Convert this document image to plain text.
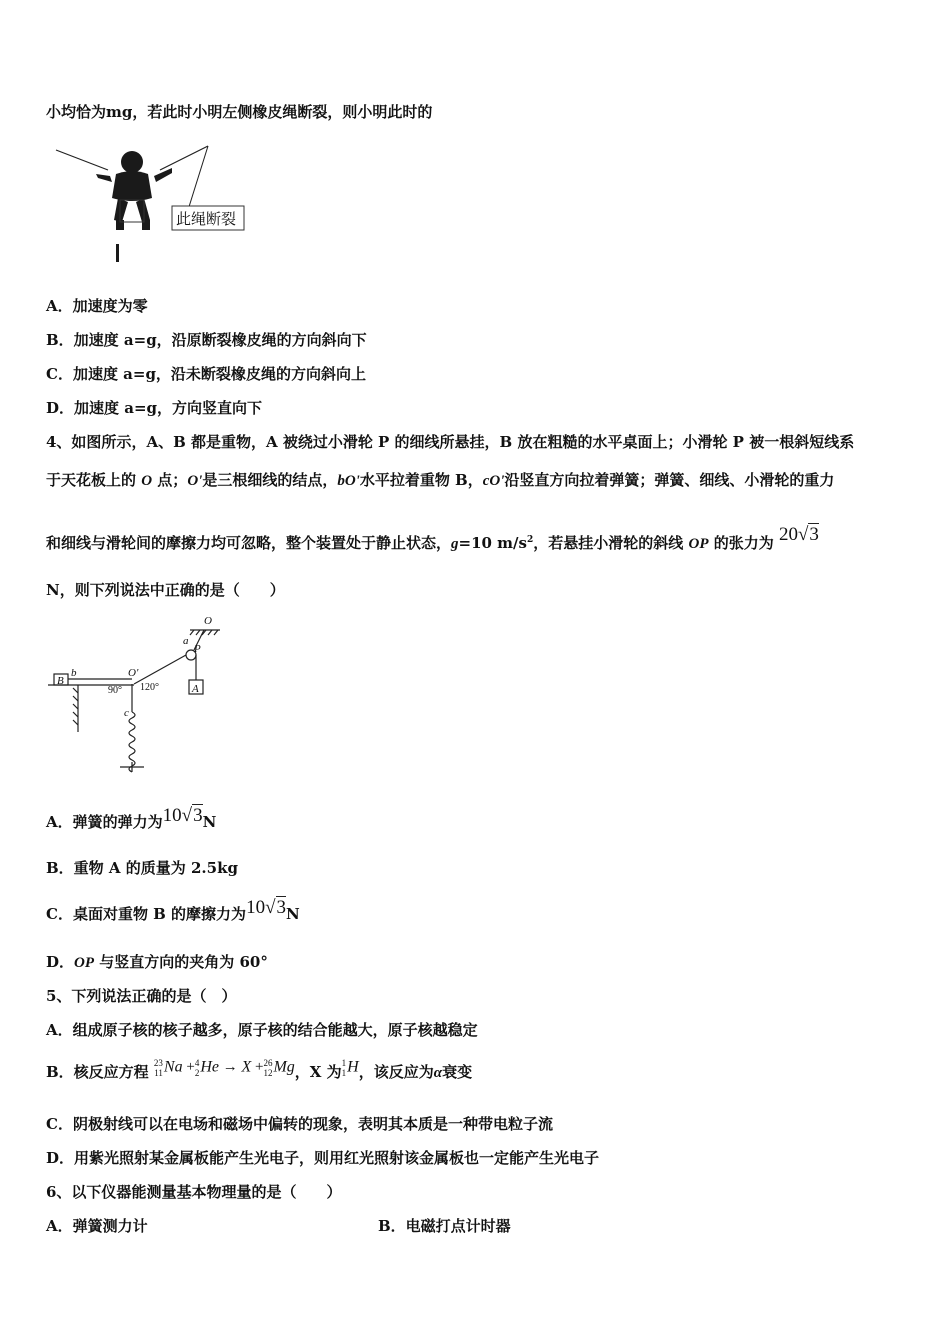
小均恰为mg，若此时小明左侧橡皮绳断裂，则小明此时的
此绳断裂
A．加速度为零
B．加速度 a=g，沿原断裂橡皮绳的方向斜向下
C．加速度 a=g，沿未断裂橡皮绳的方向斜向上
D．加速度 a=g，方向竖直向下
4、如图所示，A、B 都是重物，A 被绕过小滑轮 P 的细线所悬挂，B 放在粗糙的水平桌面上；小滑轮 P 被一根斜短线系
于天花板上的 O 点；O'是三根细线的结点，bO'水平拉着重物 B，cO'沿竖直方向拉着弹簧；弹簧、细线、小滑轮的重力
和细线与滑轮间的摩擦力均可忽略，整个装置处于静止状态，g=10 $m/s^2$，若悬挂小滑轮的斜线 OP 的张力为 20√3
N，则下列说法中正确的是（　　）
O
a
P
b
B
O'
A
c
90° 120°
A．弹簧的弹力为10√3N
B．重物 A 的质量为 2.5kg
C．桌面对重物 B 的摩擦力为10√3N
D．OP 与竖直方向的夹角为 60°
5、下列说法正确的是（　）
A．组成原子核的核子越多，原子核的结合能越大，原子核越稳定
B．核反应方程 23
11Na +4
2He → X +26
12Mg，X 为1
1H，该反应为α衰变
C．阴极射线可以在电场和磁场中偏转的现象，表明其本质是一种带电粒子流
D．用紫光照射某金属板能产生光电子，则用红光照射该金属板也一定能产生光电子
6、以下仪器能测量基本物理量的是（　　）
A．弹簧测力计	B．电磁打点计时器
